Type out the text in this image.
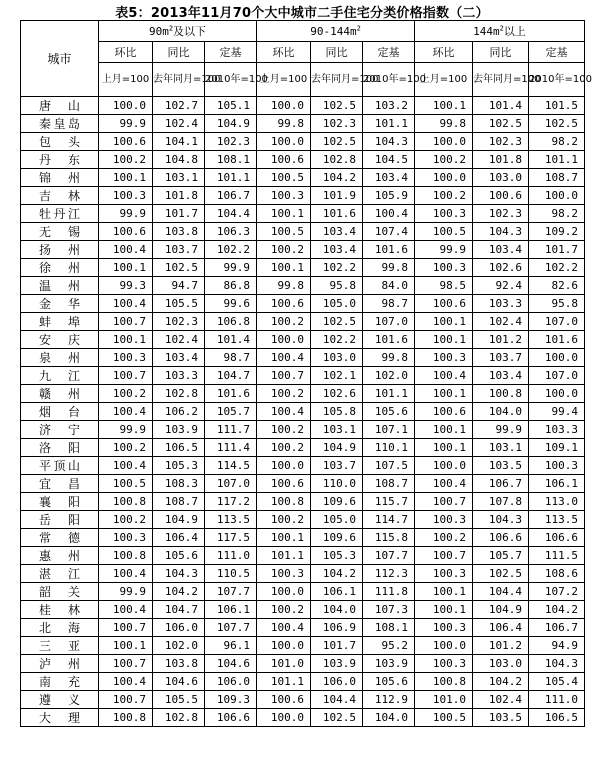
表5：2013年11月70个大中城市二手住宅分类价格指数（二）
城市	$90m^2$及以下			$90-144m^2$			$144m^2$以上		
	环比	同比	定基	环比	同比	定基	环比	同比	定基
	上月=100	去年同月=100	2010年=100	上月=100	去年同月=100	2010年=100	上月=100	去年同月=100	2010年=100
唐山	100.0	102.7	105.1	100.0	102.5	103.2	100.1	101.4	101.5
秦皇岛	99.9	102.4	104.9	99.8	102.3	101.1	99.8	102.5	102.5
包头	100.6	104.1	102.3	100.0	102.5	104.3	100.0	102.3	98.2
丹东	100.2	104.8	108.1	100.6	102.8	104.5	100.2	101.8	101.1
锦州	100.1	103.1	101.1	100.5	104.2	103.4	100.0	103.0	108.7
吉林	100.3	101.8	106.7	100.3	101.9	105.9	100.2	100.6	100.0
牡丹江	99.9	101.7	104.4	100.1	101.6	100.4	100.3	102.3	98.2
无锡	100.6	103.8	106.3	100.5	103.4	107.4	100.5	104.3	109.2
扬州	100.4	103.7	102.2	100.2	103.4	101.6	99.9	103.4	101.7
徐州	100.1	102.5	99.9	100.1	102.2	99.8	100.3	102.6	102.2
温州	99.3	94.7	86.8	99.8	95.8	84.0	98.5	92.4	82.6
金华	100.4	105.5	99.6	100.6	105.0	98.7	100.6	103.3	95.8
蚌埠	100.7	102.3	106.8	100.2	102.5	107.0	100.1	102.4	107.0
安庆	100.1	102.4	101.4	100.0	102.2	101.6	100.1	101.2	101.6
泉州	100.3	103.4	98.7	100.4	103.0	99.8	100.3	103.7	100.0
九江	100.7	103.3	104.7	100.7	102.1	102.0	100.4	103.4	107.0
赣州	100.2	102.8	101.6	100.2	102.6	101.1	100.1	100.8	100.0
烟台	100.4	106.2	105.7	100.4	105.8	105.6	100.6	104.0	99.4
济宁	99.9	103.9	111.7	100.2	103.1	107.1	100.1	99.9	103.3
洛阳	100.2	106.5	111.4	100.2	104.9	110.1	100.1	103.1	109.1
平顶山	100.4	105.3	114.5	100.0	103.7	107.5	100.0	103.5	100.3
宜昌	100.5	108.3	107.0	100.6	110.0	108.7	100.4	106.7	106.1
襄阳	100.8	108.7	117.2	100.8	109.6	115.7	100.7	107.8	113.0
岳阳	100.2	104.9	113.5	100.2	105.0	114.7	100.3	104.3	113.5
常德	100.3	106.4	117.5	100.1	109.6	115.8	100.2	106.6	106.6
惠州	100.8	105.6	111.0	101.1	105.3	107.7	100.7	105.7	111.5
湛江	100.4	104.3	110.5	100.3	104.2	112.3	100.3	102.5	108.6
韶关	99.9	104.2	107.7	100.0	106.1	111.8	100.1	104.4	107.2
桂林	100.4	104.7	106.1	100.2	104.0	107.3	100.1	104.9	104.2
北海	100.7	106.0	107.7	100.4	106.9	108.1	100.3	106.4	106.7
三亚	100.1	102.0	96.1	100.0	101.7	95.2	100.0	101.2	94.9
泸州	100.7	103.8	104.6	101.0	103.9	103.9	100.3	103.0	104.3
南充	100.4	104.6	106.0	101.1	106.0	105.6	100.8	104.2	105.4
遵义	100.7	105.5	109.3	100.6	104.4	112.9	101.0	102.4	111.0
大理	100.8	102.8	106.6	100.0	102.5	104.0	100.5	103.5	106.5
